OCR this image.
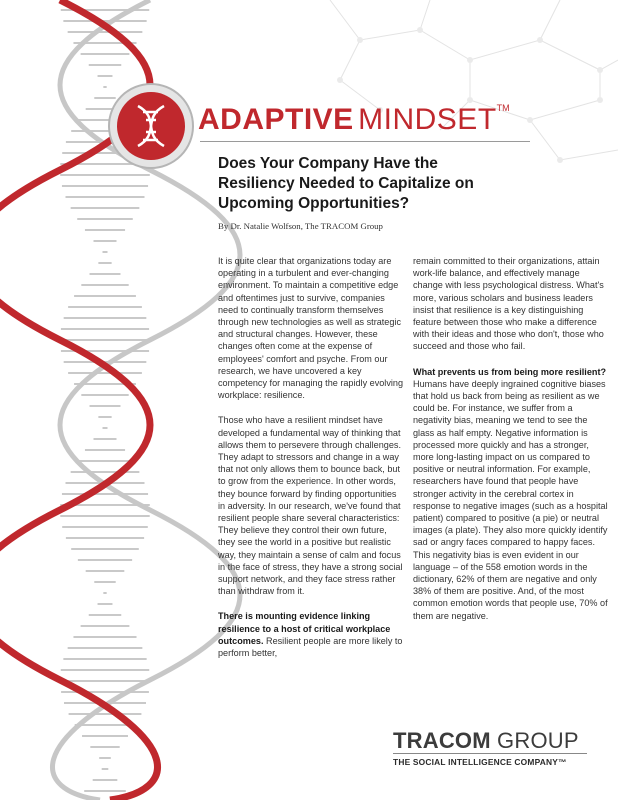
ADAPTIVE MINDSET™
Does Your Company Have the Resiliency Needed to Capitalize on Upcoming Opportunities?
By Dr. Natalie Wolfson, The TRACOM Group

It is quite clear that organizations today are operating in a turbulent and ever-changing environment. To maintain a competitive edge and oftentimes just to survive, companies need to continually transform themselves through new technologies as well as strategic and structural changes. However, these changes often come at the expense of employees' comfort and psyche. From our research, we have uncovered a key competency for managing the rapidly evolving workplace: resilience.

Those who have a resilient mindset have developed a fundamental way of thinking that allows them to persevere through challenges. They adapt to stressors and change in a way that not only allows them to bounce back, but to grow from the experience. In other words, they bounce forward by finding opportunities in adversity. In our research, we've found that resilient people share several characteristics: They believe they control their own future, they see the world in a positive but realistic way, they maintain a sense of calm and focus in the face of stress, they have a strong social support network, and they face stress rather than withdraw from it.

There is mounting evidence linking resilience to a host of critical workplace outcomes. Resilient people are more likely to perform better,

remain committed to their organizations, attain work-life balance, and effectively manage change with less psychological distress. What's more, various scholars and business leaders insist that resilience is a key distinguishing feature between those who make a difference with their ideas and those who don't, those who succeed and those who fail.

What prevents us from being more resilient? Humans have deeply ingrained cognitive biases that hold us back from being as resilient as we could be. For instance, we suffer from a negativity bias, meaning we tend to see the glass as half empty. Negative information is processed more quickly and has a stronger, more long-lasting impact on us compared to positive or neutral information. For example, researchers have found that people have stronger activity in the cerebral cortex in response to negative images (such as a hospital patient) compared to positive (a pie) or neutral images (a plate). They also more quickly identify sad or angry faces compared to happy faces. This negativity bias is even evident in our language – of the 558 emotion words in the dictionary, 62% of them are negative and only 38% of them are positive. And, of the most common emotion words that people use, 70% of them are negative.

TRACOM GROUP
THE SOCIAL INTELLIGENCE COMPANY™
